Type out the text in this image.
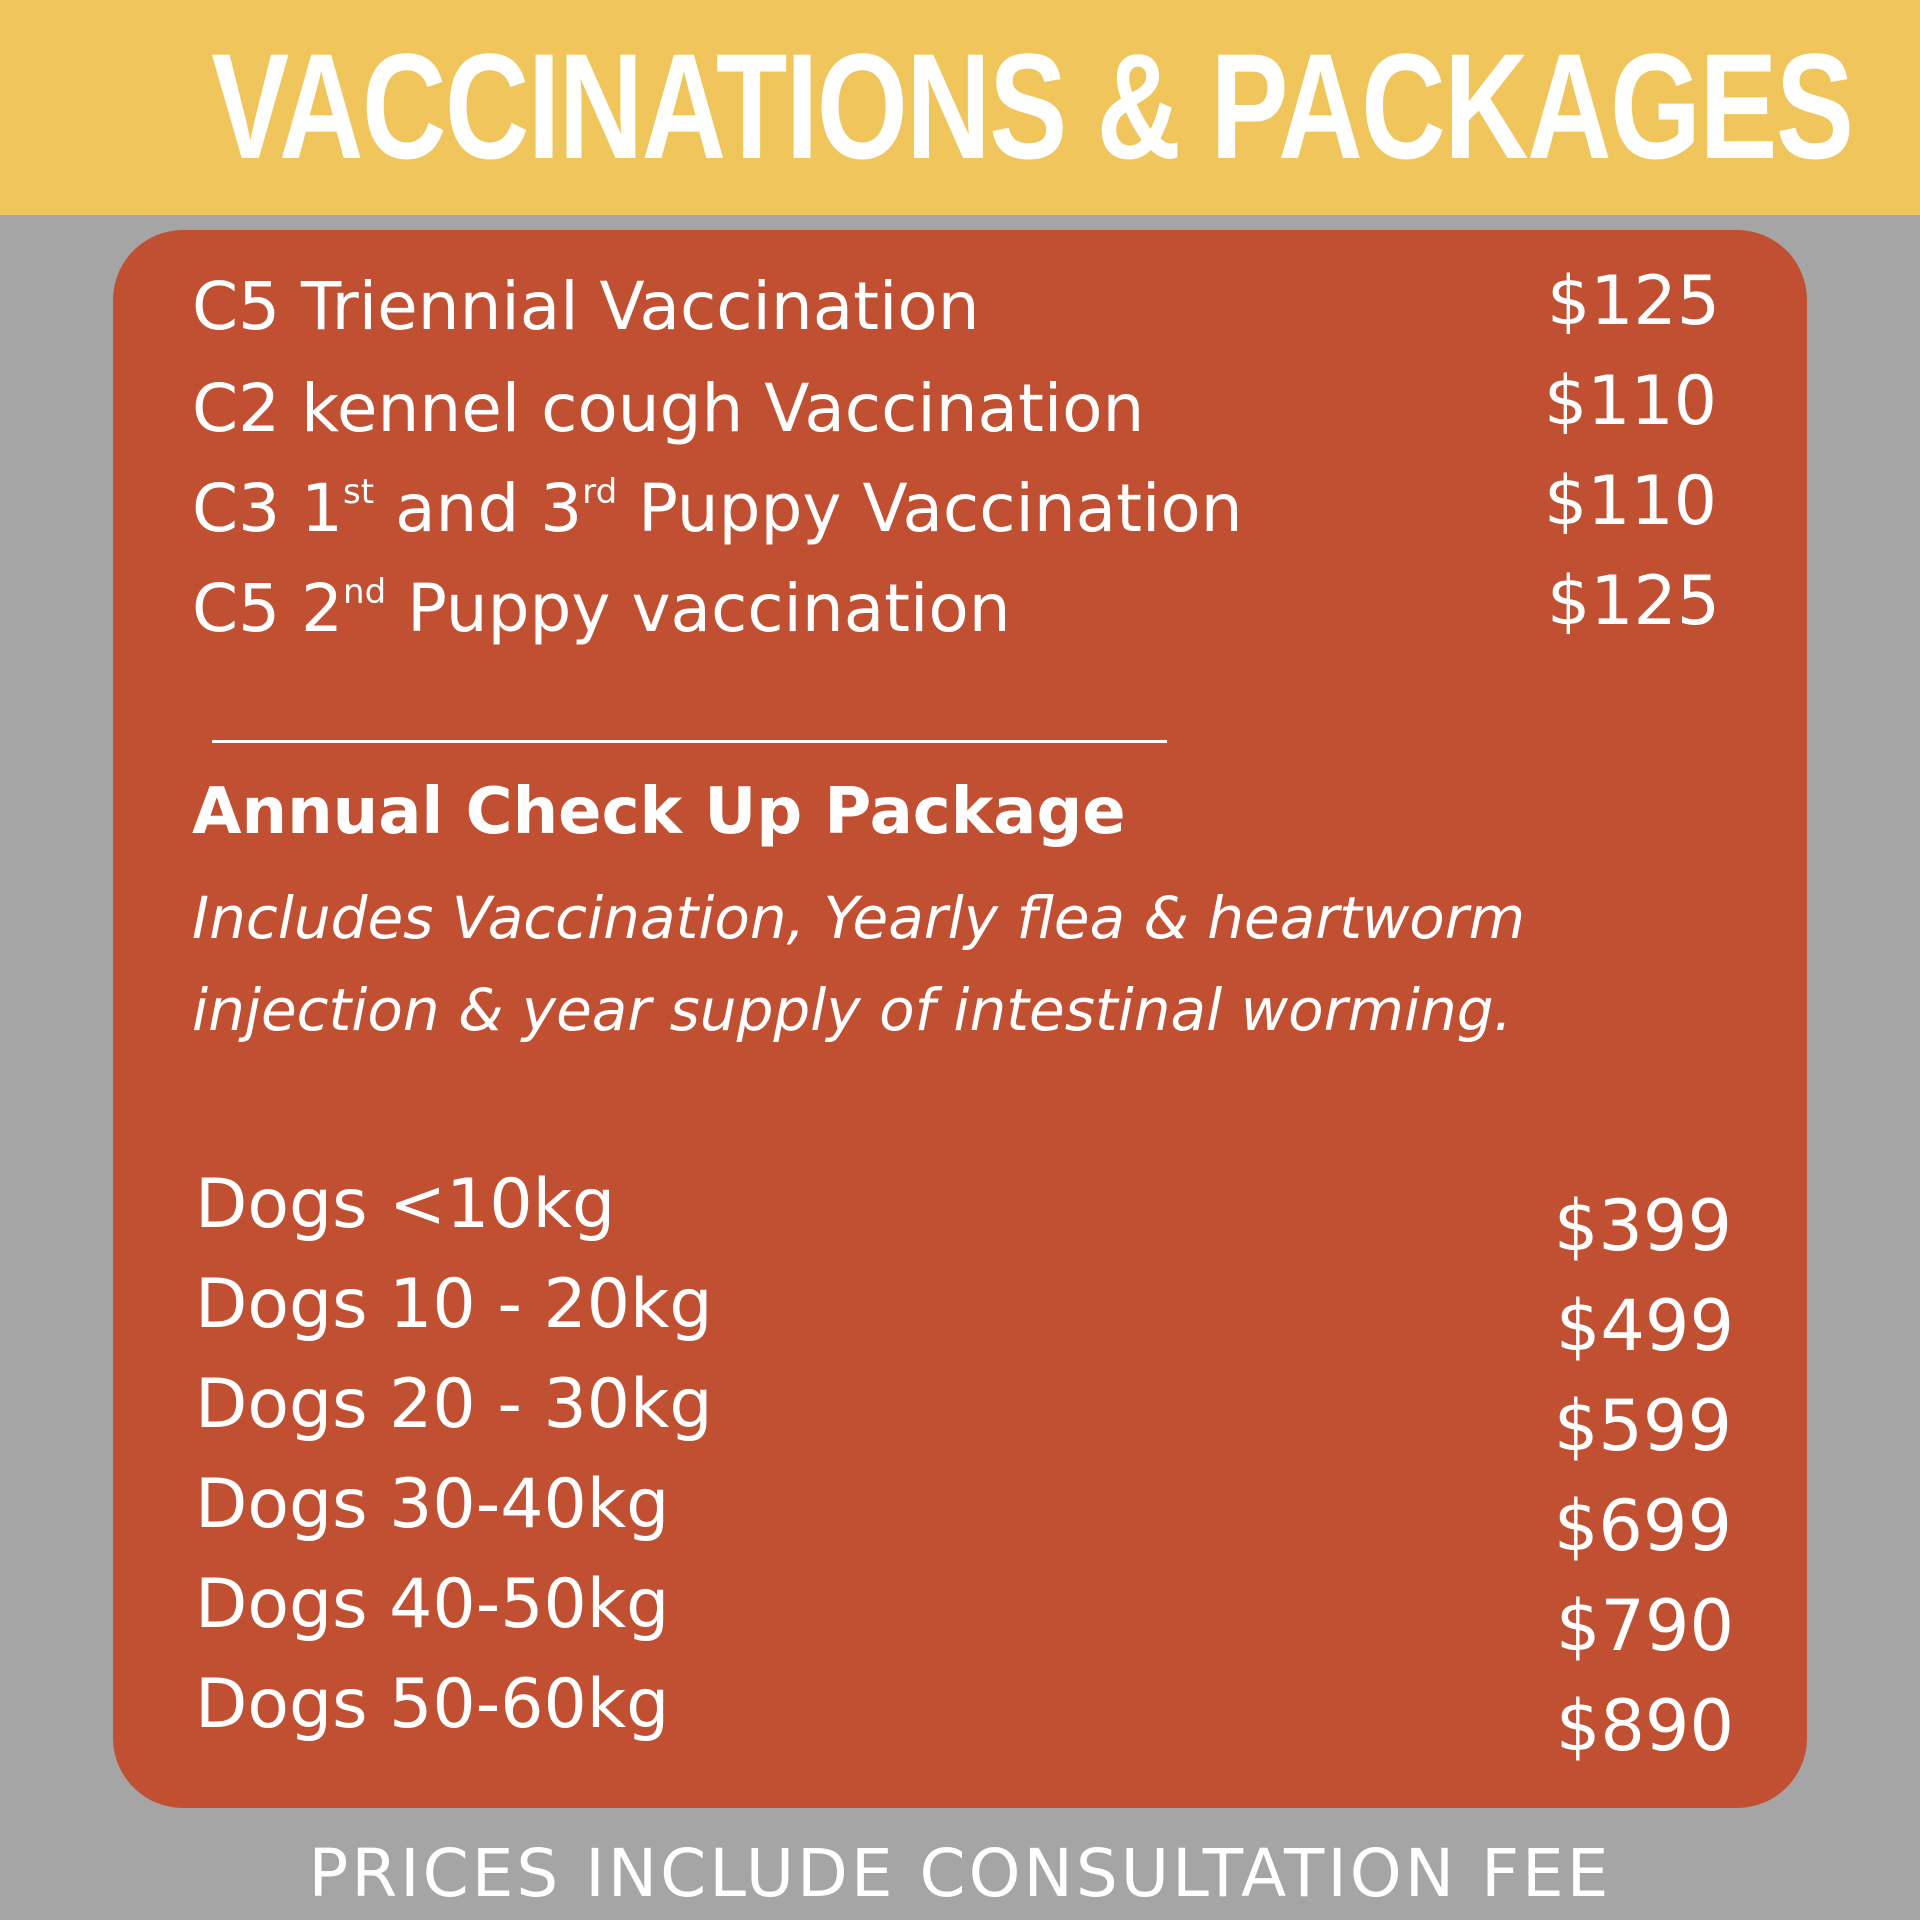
VACCINATIONS & PACKAGES
C5 Triennial Vaccination	$125
C2 kennel cough Vaccination	$110
C3 1st and 3rd Puppy Vaccination	$110
C5 2nd Puppy vaccination	$125
Annual Check Up Package
Includes Vaccination, Yearly flea & heartworm injection & year supply of intestinal worming.
Dogs <10kg	$399
Dogs 10 - 20kg	$499
Dogs 20 - 30kg	$599
Dogs 30-40kg	$699
Dogs 40-50kg	$790
Dogs 50-60kg	$890
PRICES INCLUDE CONSULTATION FEE
